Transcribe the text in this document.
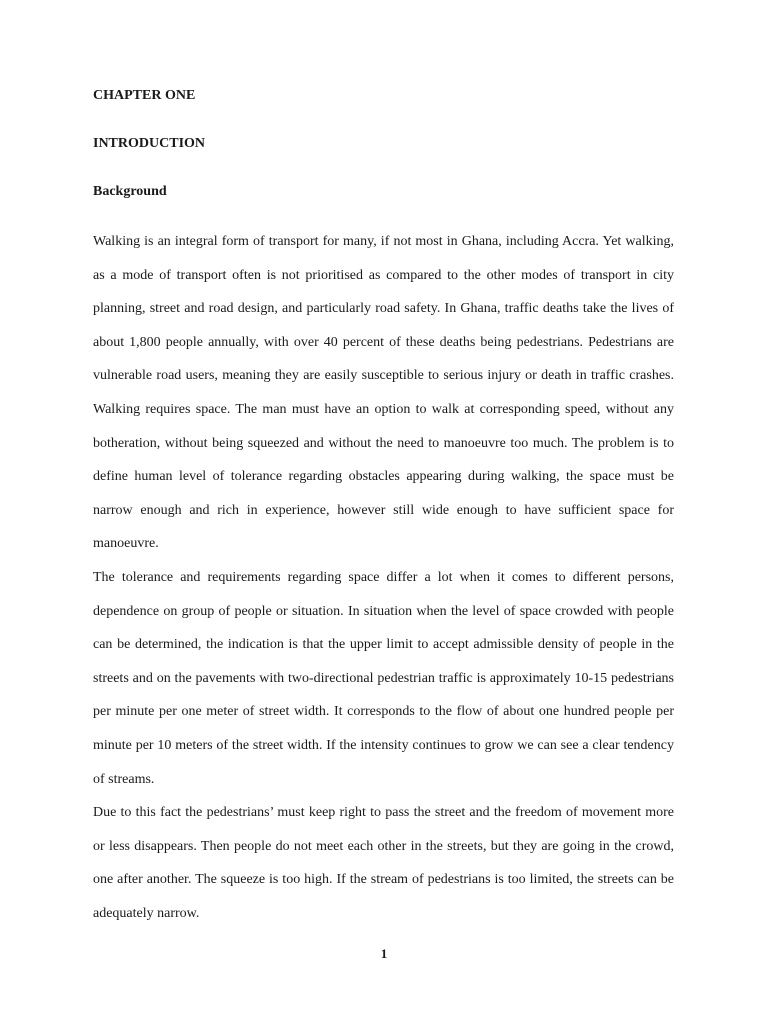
CHAPTER ONE

INTRODUCTION

Background

Walking is an integral form of transport for many, if not most in Ghana, including Accra. Yet walking, as a mode of transport often is not prioritised as compared to the other modes of transport in city planning, street and road design, and particularly road safety. In Ghana, traffic deaths take the lives of about 1,800 people annually, with over 40 percent of these deaths being pedestrians. Pedestrians are vulnerable road users, meaning they are easily susceptible to serious injury or death in traffic crashes. Walking requires space. The man must have an option to walk at corresponding speed, without any botheration, without being squeezed and without the need to manoeuvre too much. The problem is to define human level of tolerance regarding obstacles appearing during walking, the space must be narrow enough and rich in experience, however still wide enough to have sufficient space for manoeuvre.

The tolerance and requirements regarding space differ a lot when it comes to different persons, dependence on group of people or situation. In situation when the level of space crowded with people can be determined, the indication is that the upper limit to accept admissible density of people in the streets and on the pavements with two-directional pedestrian traffic is approximately 10-15 pedestrians per minute per one meter of street width. It corresponds to the flow of about one hundred people per minute per 10 meters of the street width. If the intensity continues to grow we can see a clear tendency of streams.

Due to this fact the pedestrians’ must keep right to pass the street and the freedom of movement more or less disappears. Then people do not meet each other in the streets, but they are going in the crowd, one after another. The squeeze is too high. If the stream of pedestrians is too limited, the streets can be adequately narrow.

1
